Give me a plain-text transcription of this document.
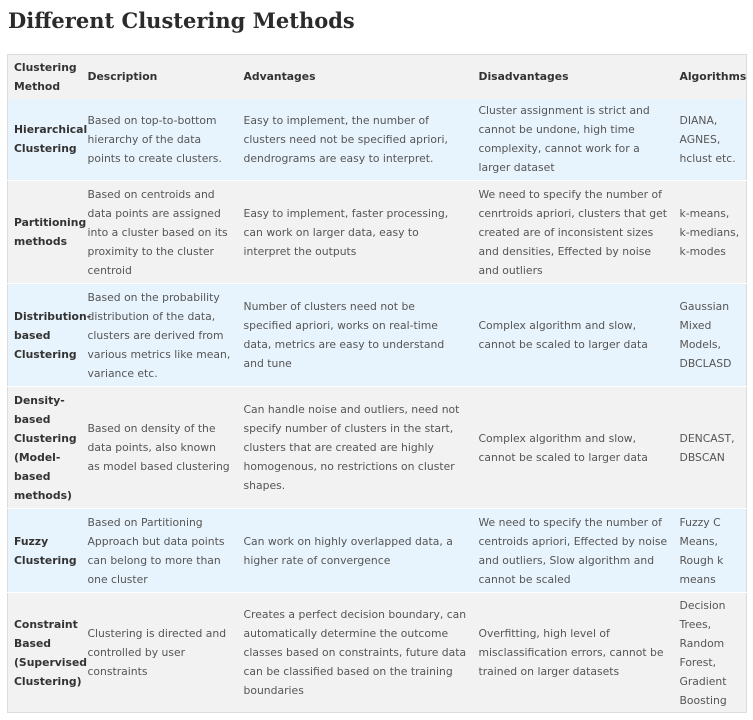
Different Clustering Methods
Clustering Method	Description	Advantages	Disadvantages	Algorithms
Hierarchical Clustering	Based on top-to-bottom hierarchy of the data points to create clusters.	Easy to implement, the number of clusters need not be specified apriori, dendrograms are easy to interpret.	Cluster assignment is strict and cannot be undone, high time complexity, cannot work for a larger dataset	DIANA, AGNES, hclust etc.
Partitioning methods	Based on centroids and data points are assigned into a cluster based on its proximity to the cluster centroid	Easy to implement, faster processing, can work on larger data, easy to interpret the outputs	We need to specify the number of cenrtroids apriori, clusters that get created are of inconsistent sizes and densities, Effected by noise and outliers	k-means, k-medians, k-modes
Distribution-based Clustering	Based on the probability distribution of the data, clusters are derived from various metrics like mean, variance etc.	Number of clusters need not be specified apriori, works on real-time data, metrics are easy to understand and tune	Complex algorithm and slow, cannot be scaled to larger data	Gaussian Mixed Models, DBCLASD
Density-based Clustering (Model-based methods)	Based on density of the data points, also known as model based clustering	Can handle noise and outliers, need not specify number of clusters in the start, clusters that are created are highly homogenous, no restrictions on cluster shapes.	Complex algorithm and slow, cannot be scaled to larger data	DENCAST, DBSCAN
Fuzzy Clustering	Based on Partitioning Approach but data points can belong to more than one cluster	Can work on highly overlapped data, a higher rate of convergence	We need to specify the number of centroids apriori, Effected by noise and outliers, Slow algorithm and cannot be scaled	Fuzzy C Means, Rough k means
Constraint Based (Supervised Clustering)	Clustering is directed and controlled by user constraints	Creates a perfect decision boundary, can automatically determine the outcome classes based on constraints, future data can be classified based on the training boundaries	Overfitting, high level of misclassification errors, cannot be trained on larger datasets	Decision Trees, Random Forest, Gradient Boosting
